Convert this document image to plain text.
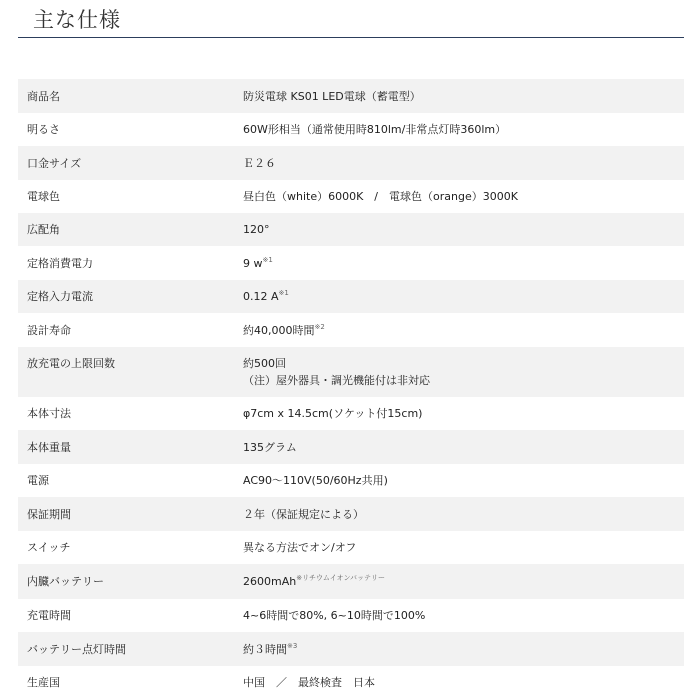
主な仕様
商品名	防災電球 KS01 LED電球（蓄電型）
明るさ	60W形相当（通常使用時810lm/非常点灯時360lm）
口金サイズ	Ｅ２６
電球色	昼白色（white）6000K　/　電球色（orange）3000K
広配角	120°
定格消費電力	9 w$^{※1}$
定格入力電流	0.12 A$^{※1}$
設計寿命	約40,000時間$^{※2}$
放充電の上限回数	約500回
（注）屋外器具・調光機能付は非対応
本体寸法	φ7cm x 14.5cm(ソケット付15cm)
本体重量	135グラム
電源	AC90～110V(50/60Hz共用)
保証期間	２年（保証規定による）
スイッチ	異なる方法でオン/オフ
内臓バッテリー	2600mAh$^{※リチウムイオンバッテリー}$
充電時間	4~6時間で80%, 6~10時間で100%
バッテリー点灯時間	約３時間$^{※3}$
生産国	中国　／　最終検査　日本
